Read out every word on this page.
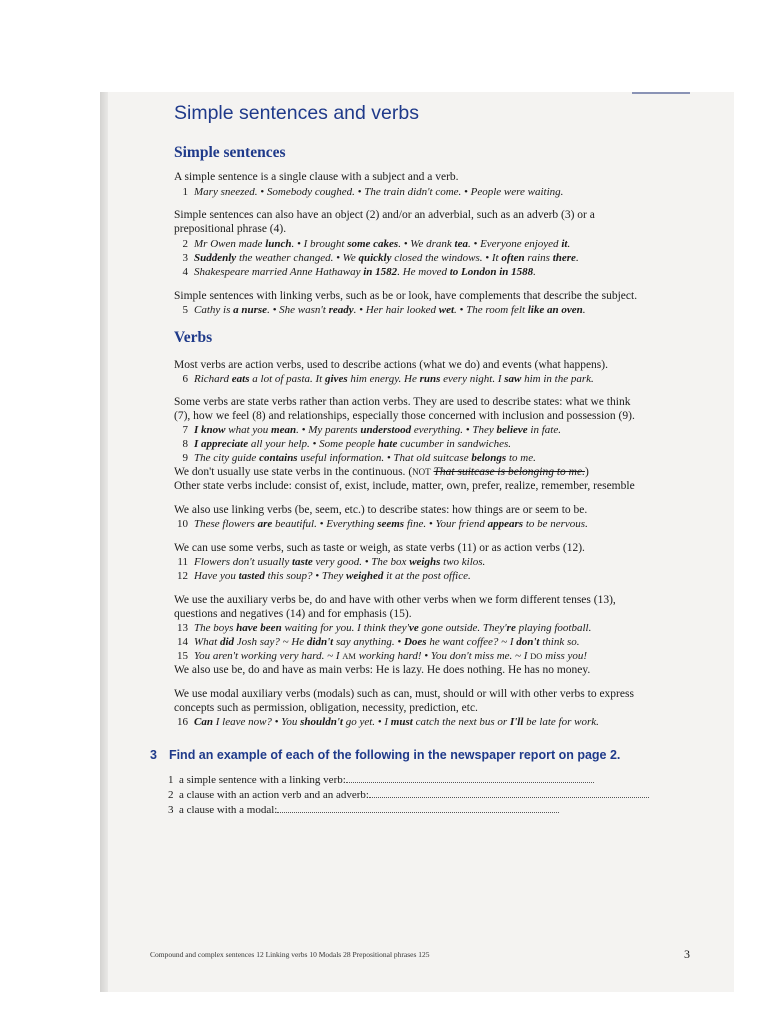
Simple sentences and verbs
Simple sentences
A simple sentence is a single clause with a subject and a verb.
1 Mary sneezed. • Somebody coughed. • The train didn't come. • People were waiting.
Simple sentences can also have an object (2) and/or an adverbial, such as an adverb (3) or a
prepositional phrase (4).
2 Mr Owen made lunch. • I brought some cakes. • We drank tea. • Everyone enjoyed it.
3 Suddenly the weather changed. • We quickly closed the windows. • It often rains there.
4 Shakespeare married Anne Hathaway in 1582. He moved to London in 1588.
Simple sentences with linking verbs, such as be or look, have complements that describe the subject.
5 Cathy is a nurse. • She wasn't ready. • Her hair looked wet. • The room felt like an oven.
Verbs
Most verbs are action verbs, used to describe actions (what we do) and events (what happens).
6 Richard eats a lot of pasta. It gives him energy. He runs every night. I saw him in the park.
Some verbs are state verbs rather than action verbs. They are used to describe states: what we think
(7), how we feel (8) and relationships, especially those concerned with inclusion and possession (9).
7 I know what you mean. • My parents understood everything. • They believe in fate.
8 I appreciate all your help. • Some people hate cucumber in sandwiches.
9 The city guide contains useful information. • That old suitcase belongs to me.
We don't usually use state verbs in the continuous. (NOT That suitcase is belonging to me.)
Other state verbs include: consist of, exist, include, matter, own, prefer, realize, remember, resemble
We also use linking verbs (be, seem, etc.) to describe states: how things are or seem to be.
10 These flowers are beautiful. • Everything seems fine. • Your friend appears to be nervous.
We can use some verbs, such as taste or weigh, as state verbs (11) or as action verbs (12).
11 Flowers don't usually taste very good. • The box weighs two kilos.
12 Have you tasted this soup? • They weighed it at the post office.
We use the auxiliary verbs be, do and have with other verbs when we form different tenses (13),
questions and negatives (14) and for emphasis (15).
13 The boys have been waiting for you. I think they've gone outside. They're playing football.
14 What did Josh say? ~ He didn't say anything. • Does he want coffee? ~ I don't think so.
15 You aren't working very hard. ~ I AM working hard! • You don't miss me. ~ I DO miss you!
We also use be, do and have as main verbs: He is lazy. He does nothing. He has no money.
We use modal auxiliary verbs (modals) such as can, must, should or will with other verbs to express
concepts such as permission, obligation, necessity, prediction, etc.
16 Can I leave now? • You shouldn't go yet. • I must catch the next bus or I'll be late for work.
3 Find an example of each of the following in the newspaper report on page 2.
1 a simple sentence with a linking verb:
2 a clause with an action verb and an adverb:
3 a clause with a modal:
Compound and complex sentences 12 Linking verbs 10 Modals 28 Prepositional phrases 125	3
